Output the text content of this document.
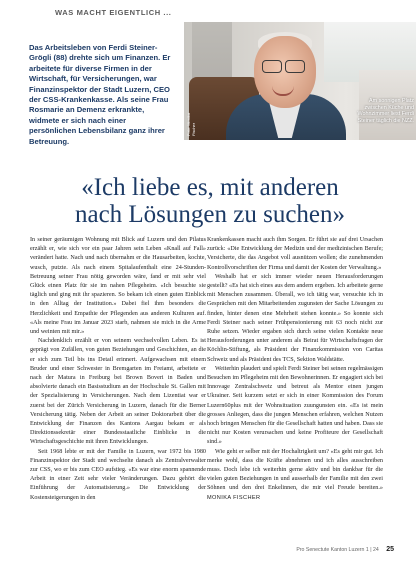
WAS MACHT EIGENTLICH ...

Das Arbeitsleben von Ferdi Steiner-Grögli (88) drehte sich um Finanzen. Er arbeitete für diverse Firmen in der Wirtschaft, für Versicherungen, war Finanzinspektor der Stadt Luzern, CEO der CSS-Krankenkasse. Als seine Frau Rosmarie an Demenz erkrankte, widmete er sich nach einer persönlichen Lebensbilanz ganz ihrer Betreuung.

Foto: Monika Fischer
Am sonnigen Platz zwischen Küche und Wohnzimmer liest Ferdi Steiner täglich die NZZ.
«Ich liebe es, mit anderen
nach Lösungen zu suchen»

In seiner geräumigen Wohnung mit Blick auf Luzern und den Pilatus erzählt er, wie sich vor ein paar Jahren sein Leben «Knall auf Fall» verändert hatte. Nach und nach übernahm er die Hausarbeiten, kochte, wusch, putzte. Als nach einem Spitalaufenthalt eine 24-Stunden-Betreuung seiner Frau nötig geworden wäre, fand er mit sehr viel Glück einen Platz für sie im nahen Pflegeheim. «Ich besuchte sie täglich und ging mit ihr spazieren. So bekam ich einen guten Einblick in den Alltag der Institution.» Dabei fiel ihm besonders die Herzlichkeit und Empathie der Pflegenden aus anderen Kulturen auf. «Als meine Frau im Januar 2023 starb, nahmen sie mich in die Arme und weinten mit mir.»

Nachdenklich erzählt er von seinem wechselvollen Leben. Es ist geprägt von Zufällen, von guten Beziehungen und Geschichten, an die er sich zum Teil bis ins Detail erinnert. Aufgewachsen mit einem Bruder und einer Schwester in Bremgarten im Freiamt, arbeitete er nach der Matura in Freiburg bei Brown Boveri in Baden und absolvierte danach ein Basisstudium an der Hochschule St. Gallen mit der Spezialisierung in Versicherungen. Nach dem Lizentiat war er zuerst bei der Zürich Versicherung in Luzern, danach für die Berner Versicherung tätig. Neben der Arbeit an seiner Doktorarbeit über die Entwicklung der Finanzen des Kantons Aargau bekam er als Direktionssekretär einer Bundesstaatliche Einblicke in die Wirtschaftsgeschichte mit ihren Entwicklungen.

Seit 1968 lebte er mit der Familie in Luzern, war 1972 bis 1980 Finanzinspektor der Stadt und wechselte danach als Zentralverwalter zur CSS, wo er bis zum CEO aufstieg. «Es war eine enorm spannende Arbeit in einer Zeit sehr vieler Veränderungen. Dazu gehört die Einführung der Automatisierung.» Die Entwicklung der Kostensteigerungen in den

Krankenkassen macht auch ihm Sorgen. Er führt sie auf drei Ursachen zurück: «Die Entwicklung der Medizin und der medizinischen Berufe; Versicherte, die das Angebot voll ausnützen wollen; die zunehmenden Kontrollvorschriften der Firma und damit der Kosten der Verwaltung.»

Weshalb hat er sich immer wieder neuen Herausforderungen gestellt? «Es hat sich eines aus dem andern ergeben. Ich arbeitete gerne mit Menschen zusammen. Überall, wo ich tätig war, versuchte ich in Gesprächen mit den Mitarbeitenden zugunsten der Sache Lösungen zu finden, hinter denen eine Mehrheit stehen konnte.» So konnte sich Ferdi Steiner nach seiner Frühpensionierung mit 63 noch nicht zur Ruhe setzen. Wieder ergaben sich durch seine vielen Kontakte neue Herausforderungen unter anderem als Beirat für Wirtschaftsfragen der Köchlin-Stiftung, als Präsident der Finanzkommission von Caritas Schweiz und als Präsident des TCS, Sektion Waldstätte.

Weiterhin plaudert und spielt Ferdi Steiner bei seinen regelmässigen Besuchen im Pflegeheim mit den Bewohnerinnen. Er engagiert sich bei Innovage Zentralschweiz und betreut als Mentor einen jungen Ukrainer. Seit kurzem setzt er sich in einer Kommission des Forum Luzern60plus mit der Wohnsituation zuungunsten ein. «Es ist mein grosses Anliegen, dass die jungen Menschen erfahren, welchen Nutzen hoch bringen Menschen für die Gesellschaft hatten und haben. Dass sie nicht nur Kosten verursachen und keine Profiteure der Gesellschaft sind.»

Wie geht er selber mit der Hochaltrigkeit um? «Es geht mir gut. Ich merke wohl, dass die Kräfte abnehmen und ich alles ausschreiben muss. Doch lebe ich weiterhin gerne aktiv und bin dankbar für die vielen guten Beziehungen in und ausserhalb der Familie mit den zwei Söhnen und den drei Enkelinnen, die mir viel Freude bereiten.» MONIKA FISCHER

Pro Senectute Kanton Luzern 1 | 24 25
